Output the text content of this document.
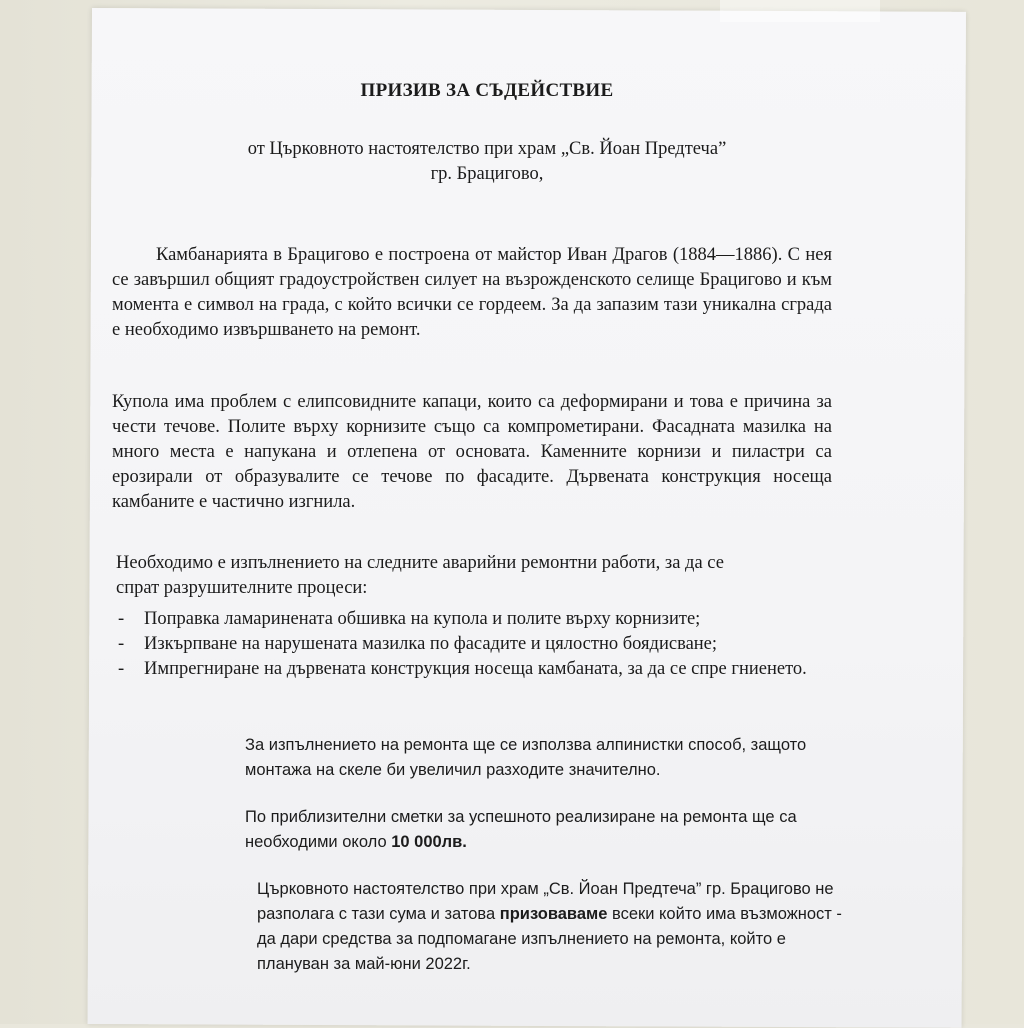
ПРИЗИВ ЗА СЪДЕЙСТВИЕ
от Църковното настоятелство при храм „Св. Йоан Предтеча”
гр. Брацигово,
Камбанарията в Брацигово е построена от майстор Иван Драгов (1884—1886). С нея се завършил общият градоустройствен силует на възрожденското селище Брацигово и към момента е символ на града, с който всички се гордеем. За да запазим тази уникална сграда е необходимо извършването на ремонт.
Купола има проблем с елипсовидните капаци, които са деформирани и това е причина за чести течове. Полите върху корнизите също са компрометирани. Фасадната мазилка на много места е напукана и отлепена от основата. Каменните корнизи и пиластри са ерозирали от образувалите се течове по фасадите. Дървената конструкция носеща камбаните е частично изгнила.
Необходимо е изпълнението на следните аварийни ремонтни работи, за да се спрат разрушителните процеси:
- Поправка ламаринената обшивка на купола и полите върху корнизите;
- Изкърпване на нарушената мазилка по фасадите и цялостно боядисване;
- Импрегниране на дървената конструкция носеща камбаната, за да се спре гниенето.
За изпълнението на ремонта ще се използва алпинистки способ, защото монтажа на скеле би увеличил разходите значително.
По приблизителни сметки за успешното реализиране на ремонта ще са необходими около 10 000лв.
Църковното настоятелство при храм „Св. Йоан Предтеча” гр. Брацигово не разполага с тази сума и затова призоваваме всеки който има възможност - да дари средства за подпомагане изпълнението на ремонта, който е плануван за май-юни 2022г.
